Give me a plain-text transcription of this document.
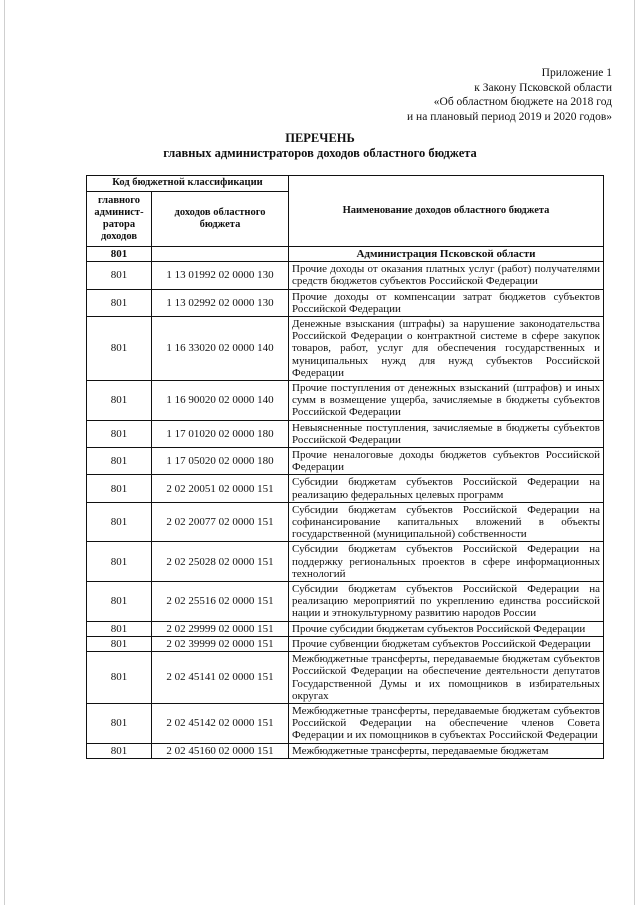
Приложение 1
к Закону Псковской области
«Об областном бюджете на 2018 год
и на плановый период 2019 и 2020 годов»
ПЕРЕЧЕНЬ
главных администраторов доходов областного бюджета
Код бюджетной классификации		Наименование доходов областного бюджета
главного админист-ратора доходов	доходов областного бюджета	
801		Администрация Псковской области
801	1 13 01992 02 0000 130	Прочие доходы от оказания платных услуг (работ) получателями средств бюджетов субъектов Российской Федерации
801	1 13 02992 02 0000 130	Прочие доходы от компенсации затрат бюджетов субъектов Российской Федерации
801	1 16 33020 02 0000 140	Денежные взыскания (штрафы) за нарушение законодательства Российской Федерации о контрактной системе в сфере закупок товаров, работ, услуг для обеспечения государственных и муниципальных нужд для нужд субъектов Российской Федерации
801	1 16 90020 02 0000 140	Прочие поступления от денежных взысканий (штрафов) и иных сумм в возмещение ущерба, зачисляемые в бюджеты субъектов Российской Федерации
801	1 17 01020 02 0000 180	Невыясненные поступления, зачисляемые в бюджеты субъектов Российской Федерации
801	1 17 05020 02 0000 180	Прочие неналоговые доходы бюджетов субъектов Российской Федерации
801	2 02 20051 02 0000 151	Субсидии бюджетам субъектов Российской Федерации на реализацию федеральных целевых программ
801	2 02 20077 02 0000 151	Субсидии бюджетам субъектов Российской Федерации на софинансирование капитальных вложений в объекты государственной (муниципальной) собственности
801	2 02 25028 02 0000 151	Субсидии бюджетам субъектов Российской Федерации на поддержку региональных проектов в сфере информационных технологий
801	2 02 25516 02 0000 151	Субсидии бюджетам субъектов Российской Федерации на реализацию мероприятий по укреплению единства российской нации и этнокультурному развитию народов России
801	2 02 29999 02 0000 151	Прочие субсидии бюджетам субъектов Российской Федерации
801	2 02 39999 02 0000 151	Прочие субвенции бюджетам субъектов Российской Федерации
801	2 02 45141 02 0000 151	Межбюджетные трансферты, передаваемые бюджетам субъектов Российской Федерации на обеспечение деятельности депутатов Государственной Думы и их помощников в избирательных округах
801	2 02 45142 02 0000 151	Межбюджетные трансферты, передаваемые бюджетам субъектов Российской Федерации на обеспечение членов Совета Федерации и их помощников в субъектах Российской Федерации
801	2 02 45160 02 0000 151	Межбюджетные трансферты, передаваемые бюджетам
